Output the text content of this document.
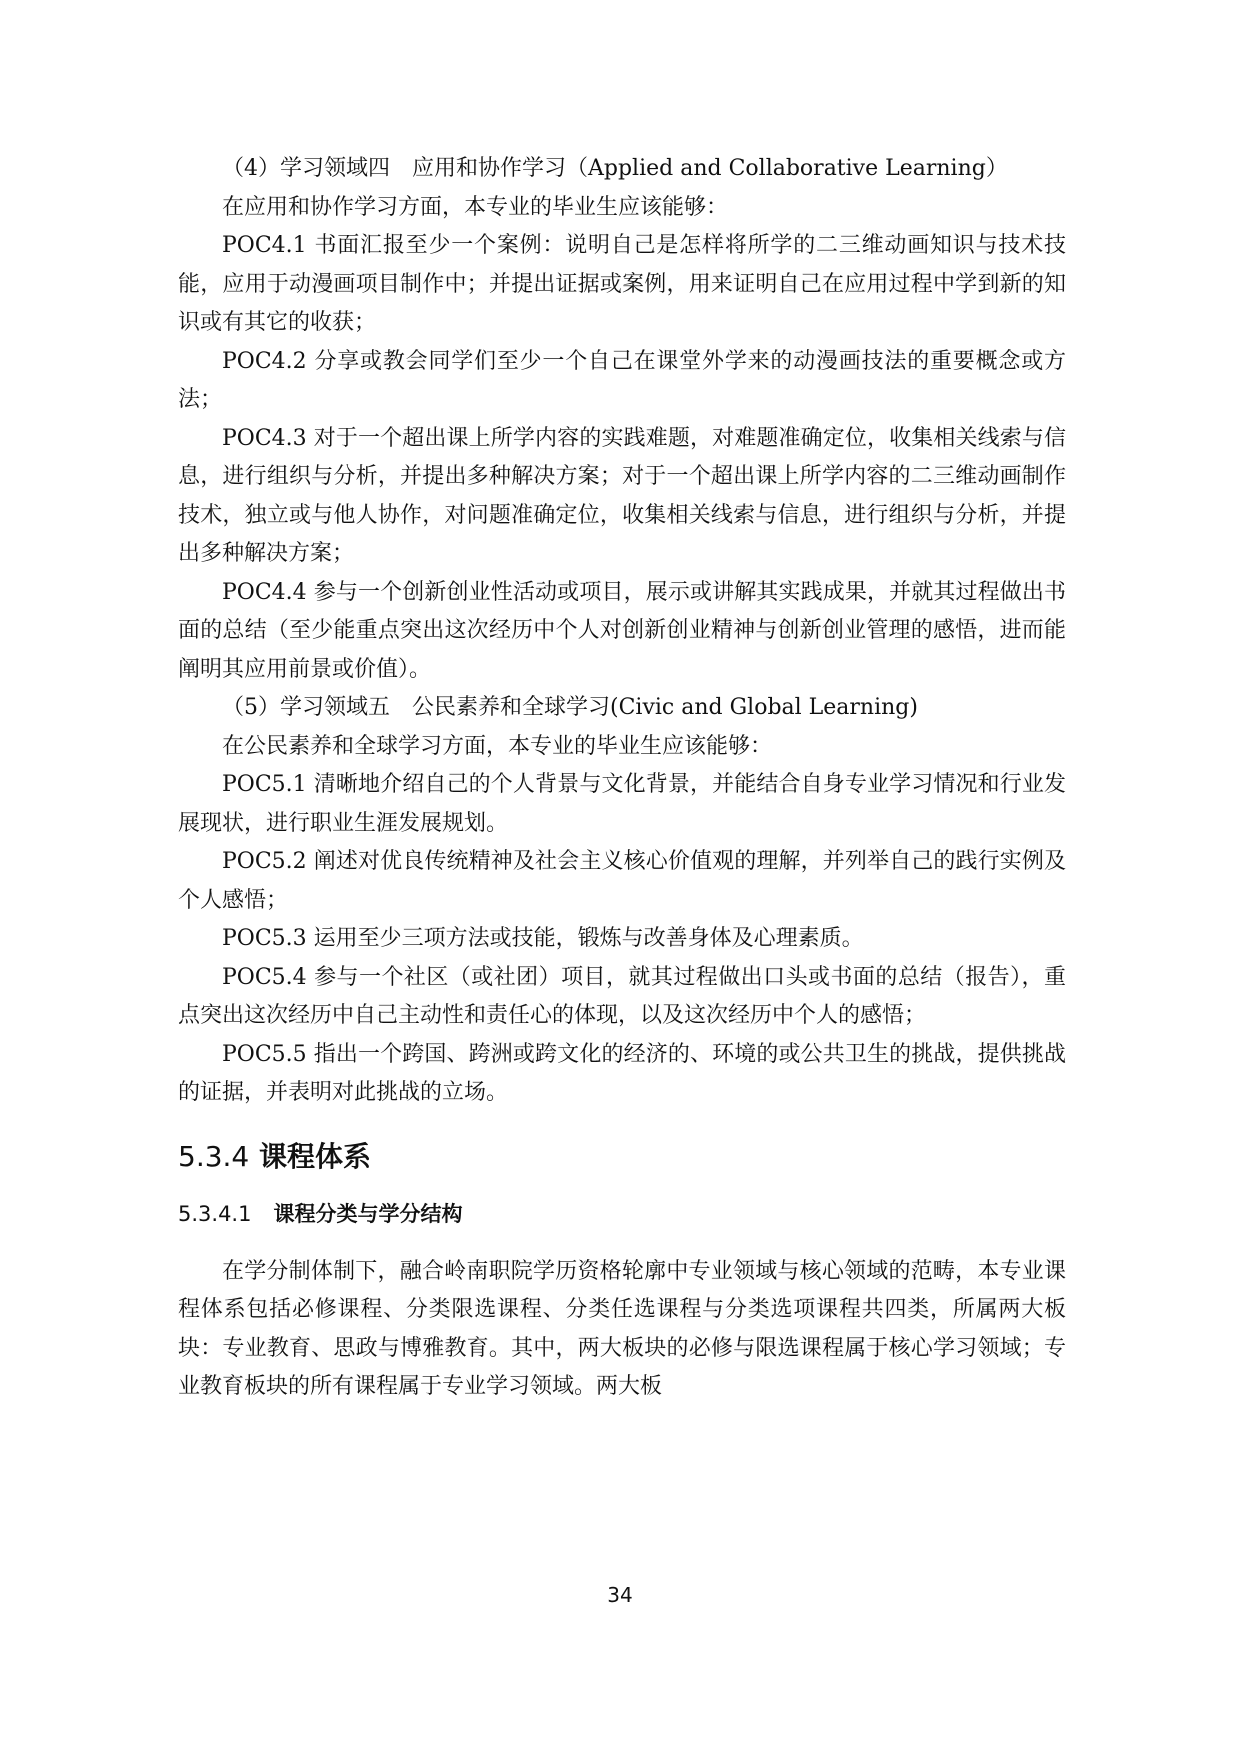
（4）学习领域四　应用和协作学习（Applied and Collaborative Learning）

在应用和协作学习方面，本专业的毕业生应该能够：

POC4.1 书面汇报至少一个案例：说明自己是怎样将所学的二三维动画知识与技术技能，应用于动漫画项目制作中；并提出证据或案例，用来证明自己在应用过程中学到新的知识或有其它的收获；

POC4.2 分享或教会同学们至少一个自己在课堂外学来的动漫画技法的重要概念或方法；

POC4.3 对于一个超出课上所学内容的实践难题，对难题准确定位，收集相关线索与信息，进行组织与分析，并提出多种解决方案；对于一个超出课上所学内容的二三维动画制作技术，独立或与他人协作，对问题准确定位，收集相关线索与信息，进行组织与分析，并提出多种解决方案；

POC4.4 参与一个创新创业性活动或项目，展示或讲解其实践成果，并就其过程做出书面的总结（至少能重点突出这次经历中个人对创新创业精神与创新创业管理的感悟，进而能阐明其应用前景或价值）。

（5）学习领域五　公民素养和全球学习(Civic and Global Learning)

在公民素养和全球学习方面，本专业的毕业生应该能够：

POC5.1 清晰地介绍自己的个人背景与文化背景，并能结合自身专业学习情况和行业发展现状，进行职业生涯发展规划。

POC5.2 阐述对优良传统精神及社会主义核心价值观的理解，并列举自己的践行实例及个人感悟；

POC5.3 运用至少三项方法或技能，锻炼与改善身体及心理素质。

POC5.4 参与一个社区（或社团）项目，就其过程做出口头或书面的总结（报告），重点突出这次经历中自己主动性和责任心的体现，以及这次经历中个人的感悟；

POC5.5 指出一个跨国、跨洲或跨文化的经济的、环境的或公共卫生的挑战，提供挑战的证据，并表明对此挑战的立场。

5.3.4 课程体系
5.3.4.1 课程分类与学分结构

在学分制体制下，融合岭南职院学历资格轮廓中专业领域与核心领域的范畴，本专业课程体系包括必修课程、分类限选课程、分类任选课程与分类选项课程共四类，所属两大板块：专业教育、思政与博雅教育。其中，两大板块的必修与限选课程属于核心学习领域；专业教育板块的所有课程属于专业学习领域。两大板

34
